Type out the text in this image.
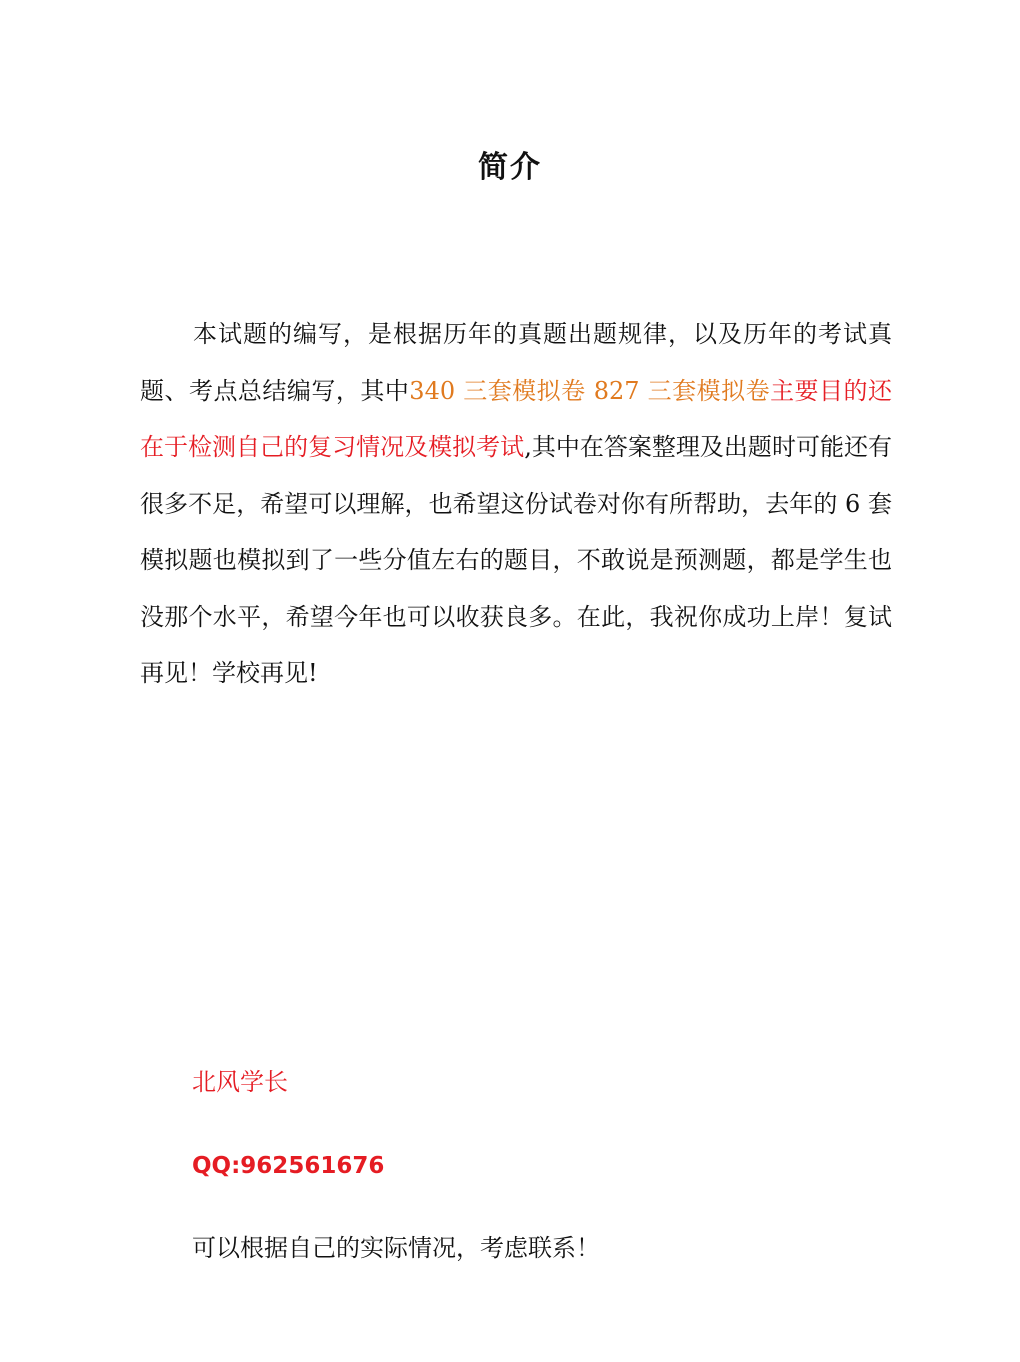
简介

本试题的编写，是根据历年的真题出题规律，以及历年的考试真题、考点总结编写，其中340 三套模拟卷 827 三套模拟卷主要目的还在于检测自己的复习情况及模拟考试,其中在答案整理及出题时可能还有很多不足，希望可以理解，也希望这份试卷对你有所帮助，去年的 6 套模拟题也模拟到了一些分值左右的题目，不敢说是预测题，都是学生也没那个水平，希望今年也可以收获良多。在此，我祝你成功上岸！复试再见！学校再见!

北风学长
QQ:962561676
可以根据自己的实际情况，考虑联系！
